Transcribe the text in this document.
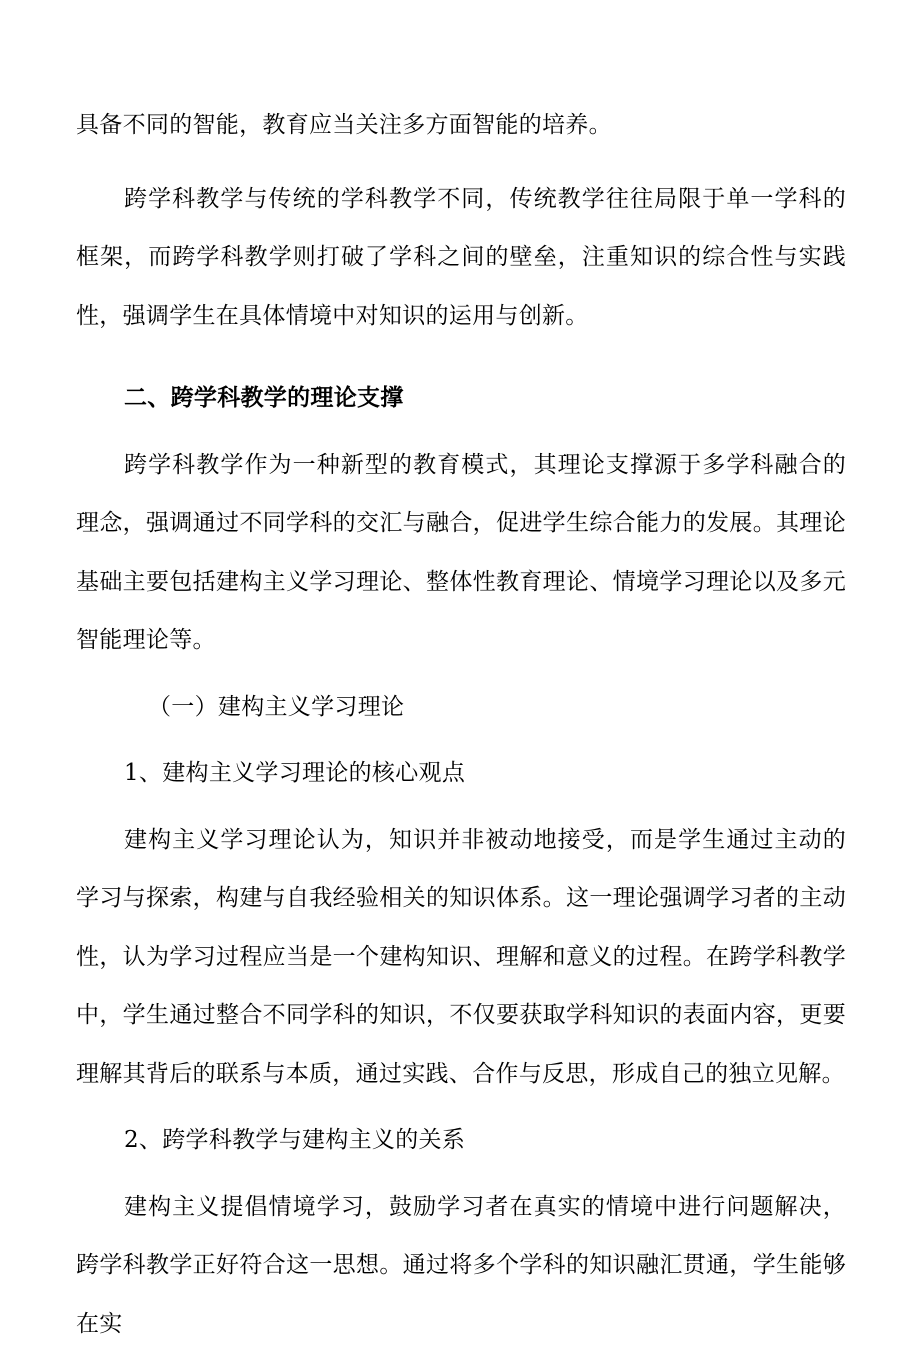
具备不同的智能，教育应当关注多方面智能的培养。

跨学科教学与传统的学科教学不同，传统教学往往局限于单一学科的框架，而跨学科教学则打破了学科之间的壁垒，注重知识的综合性与实践性，强调学生在具体情境中对知识的运用与创新。

二、跨学科教学的理论支撑

跨学科教学作为一种新型的教育模式，其理论支撑源于多学科融合的理念，强调通过不同学科的交汇与融合，促进学生综合能力的发展。其理论基础主要包括建构主义学习理论、整体性教育理论、情境学习理论以及多元智能理论等。

（一）建构主义学习理论

1、建构主义学习理论的核心观点

建构主义学习理论认为，知识并非被动地接受，而是学生通过主动的学习与探索，构建与自我经验相关的知识体系。这一理论强调学习者的主动性，认为学习过程应当是一个建构知识、理解和意义的过程。在跨学科教学中，学生通过整合不同学科的知识，不仅要获取学科知识的表面内容，更要理解其背后的联系与本质，通过实践、合作与反思，形成自己的独立见解。

2、跨学科教学与建构主义的关系

建构主义提倡情境学习，鼓励学习者在真实的情境中进行问题解决，跨学科教学正好符合这一思想。通过将多个学科的知识融汇贯通，学生能够在实
